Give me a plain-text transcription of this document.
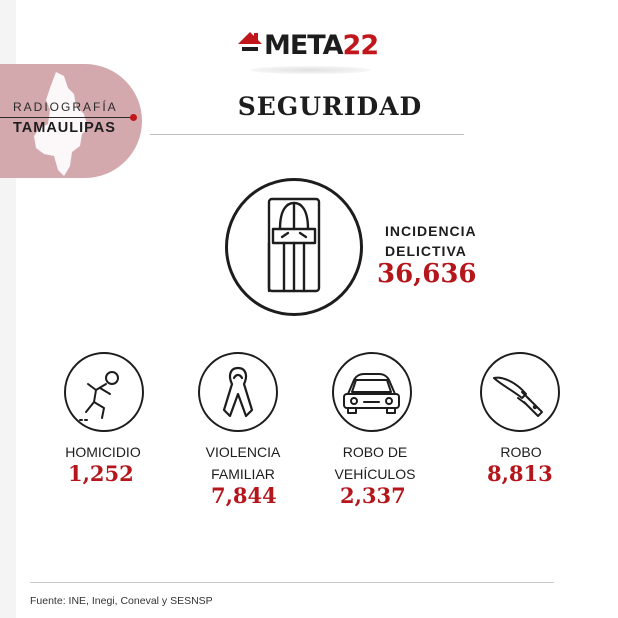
META22
RADIOGRAFÍA
TAMAULIPAS
SEGURIDAD
INCIDENCIA
DELICTIVA
36,636
HOMICIDIO
1,252
VIOLENCIA
FAMILIAR
7,844
ROBO DE
VEHÍCULOS
2,337
ROBO
8,813
Fuente: INE, Inegi, Coneval y SESNSP
